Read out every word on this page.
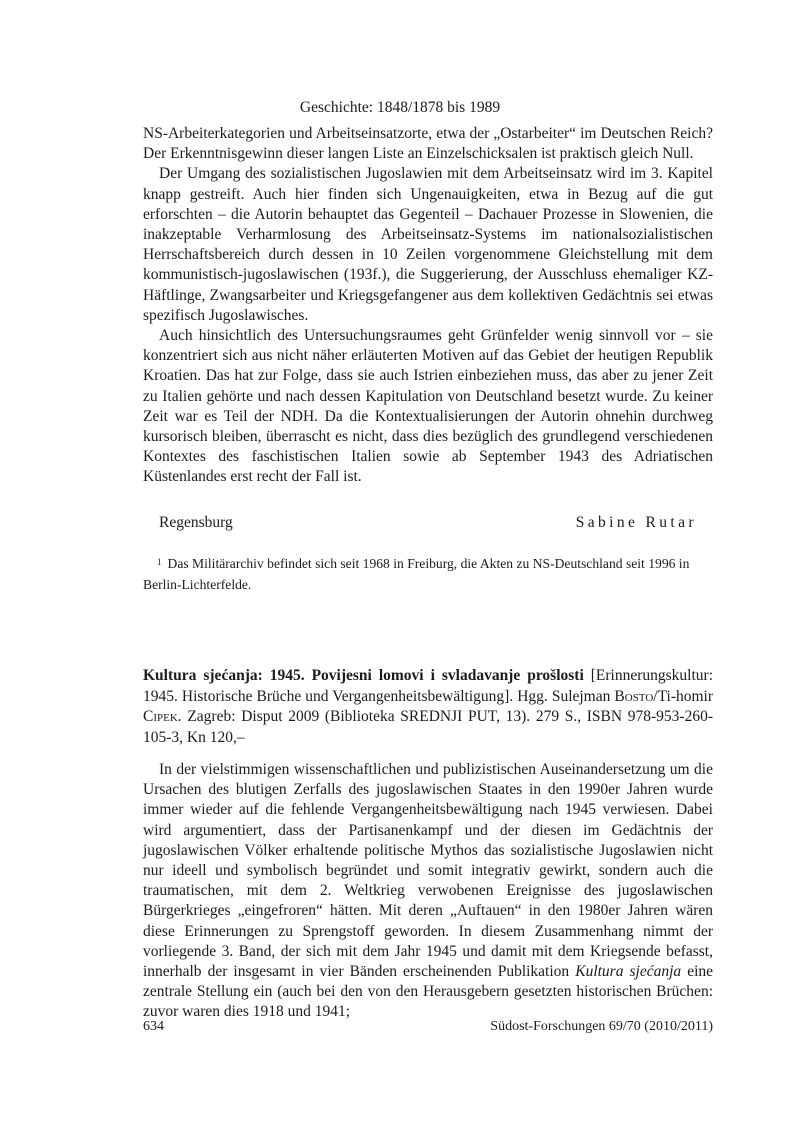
Geschichte: 1848/1878 bis 1989

NS-Arbeiterkategorien und Arbeitseinsatzorte, etwa der „Ostarbeiter“ im Deutschen Reich? Der Erkenntnisgewinn dieser langen Liste an Einzelschicksalen ist praktisch gleich Null.

Der Umgang des sozialistischen Jugoslawien mit dem Arbeitseinsatz wird im 3. Kapitel knapp gestreift. Auch hier finden sich Ungenauigkeiten, etwa in Bezug auf die gut erforschten – die Autorin behauptet das Gegenteil – Dachauer Prozesse in Slowenien, die inakzeptable Verharmlosung des Arbeitseinsatz-Systems im nationalsozialistischen Herrschaftsbereich durch dessen in 10 Zeilen vorgenommene Gleichstellung mit dem kommunistisch-jugoslawischen (193f.), die Suggerierung, der Ausschluss ehemaliger KZ-Häftlinge, Zwangsarbeiter und Kriegsgefangener aus dem kollektiven Gedächtnis sei etwas spezifisch Jugoslawisches.

Auch hinsichtlich des Untersuchungsraumes geht Grünfelder wenig sinnvoll vor – sie konzentriert sich aus nicht näher erläuterten Motiven auf das Gebiet der heutigen Republik Kroatien. Das hat zur Folge, dass sie auch Istrien einbeziehen muss, das aber zu jener Zeit zu Italien gehörte und nach dessen Kapitulation von Deutschland besetzt wurde. Zu keiner Zeit war es Teil der NDH. Da die Kontextualisierungen der Autorin ohnehin durchweg kursorisch bleiben, überrascht es nicht, dass dies bezüglich des grundlegend verschiedenen Kontextes des faschistischen Italien sowie ab September 1943 des Adriatischen Küstenlandes erst recht der Fall ist.

Regensburg	Sabine Rutar
$^1$ Das Militärarchiv befindet sich seit 1968 in Freiburg, die Akten zu NS-Deutschland seit 1996 in Berlin-Lichterfelde.
Kultura sjećanja: 1945. Povijesni lomovi i svladavanje prošlosti [Erinnerungskultur: 1945. Historische Brüche und Vergangenheitsbewältigung]. Hgg. Sulejman Bosto/Ti-homir Cipek. Zagreb: Disput 2009 (Biblioteka SREDNJI PUT, 13). 279 S., ISBN 978-953-260-105-3, Kn 120,–

In der vielstimmigen wissenschaftlichen und publizistischen Auseinandersetzung um die Ursachen des blutigen Zerfalls des jugoslawischen Staates in den 1990er Jahren wurde immer wieder auf die fehlende Vergangenheitsbewältigung nach 1945 verwiesen. Dabei wird argumentiert, dass der Partisanenkampf und der diesen im Gedächtnis der jugoslawischen Völker erhaltende politische Mythos das sozialistische Jugoslawien nicht nur ideell und symbolisch begründet und somit integrativ gewirkt, sondern auch die traumatischen, mit dem 2. Weltkrieg verwobenen Ereignisse des jugoslawischen Bürgerkrieges „eingefroren“ hätten. Mit deren „Auftauen“ in den 1980er Jahren wären diese Erinnerungen zu Sprengstoff geworden. In diesem Zusammenhang nimmt der vorliegende 3. Band, der sich mit dem Jahr 1945 und damit mit dem Kriegsende befasst, innerhalb der insgesamt in vier Bänden erscheinenden Publikation Kultura sjećanja eine zentrale Stellung ein (auch bei den von den Herausgebern gesetzten historischen Brüchen: zuvor waren dies 1918 und 1941;

634	Südost-Forschungen 69/70 (2010/2011)
